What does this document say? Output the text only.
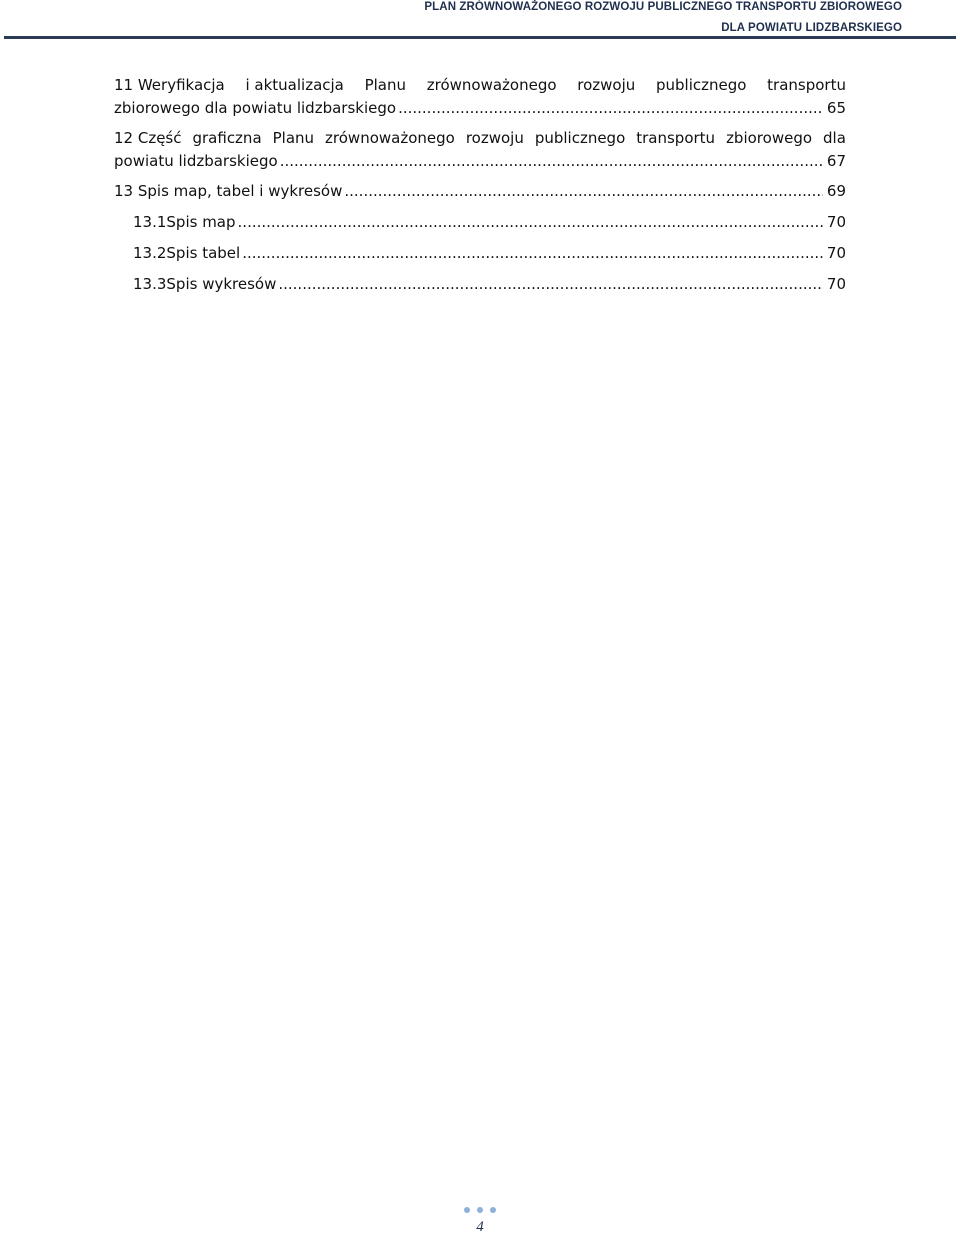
PLAN ZRÓWNOWAŻONEGO ROZWOJU PUBLICZNEGO TRANSPORTU ZBIOROWEGO
DLA POWIATU LIDZBARSKIEGO
11 Weryfikacja i aktualizacja Planu zrównoważonego rozwoju publicznego transportu
zbiorowego dla powiatu lidzbarskiego .....	65
12 Część graficzna Planu zrównoważonego rozwoju publicznego transportu zbiorowego dla
powiatu lidzbarskiego .....	67
13 Spis map, tabel i wykresów .....	69
13.1 Spis map .....	70
13.2 Spis tabel .....	70
13.3 Spis wykresów .....	70
4
